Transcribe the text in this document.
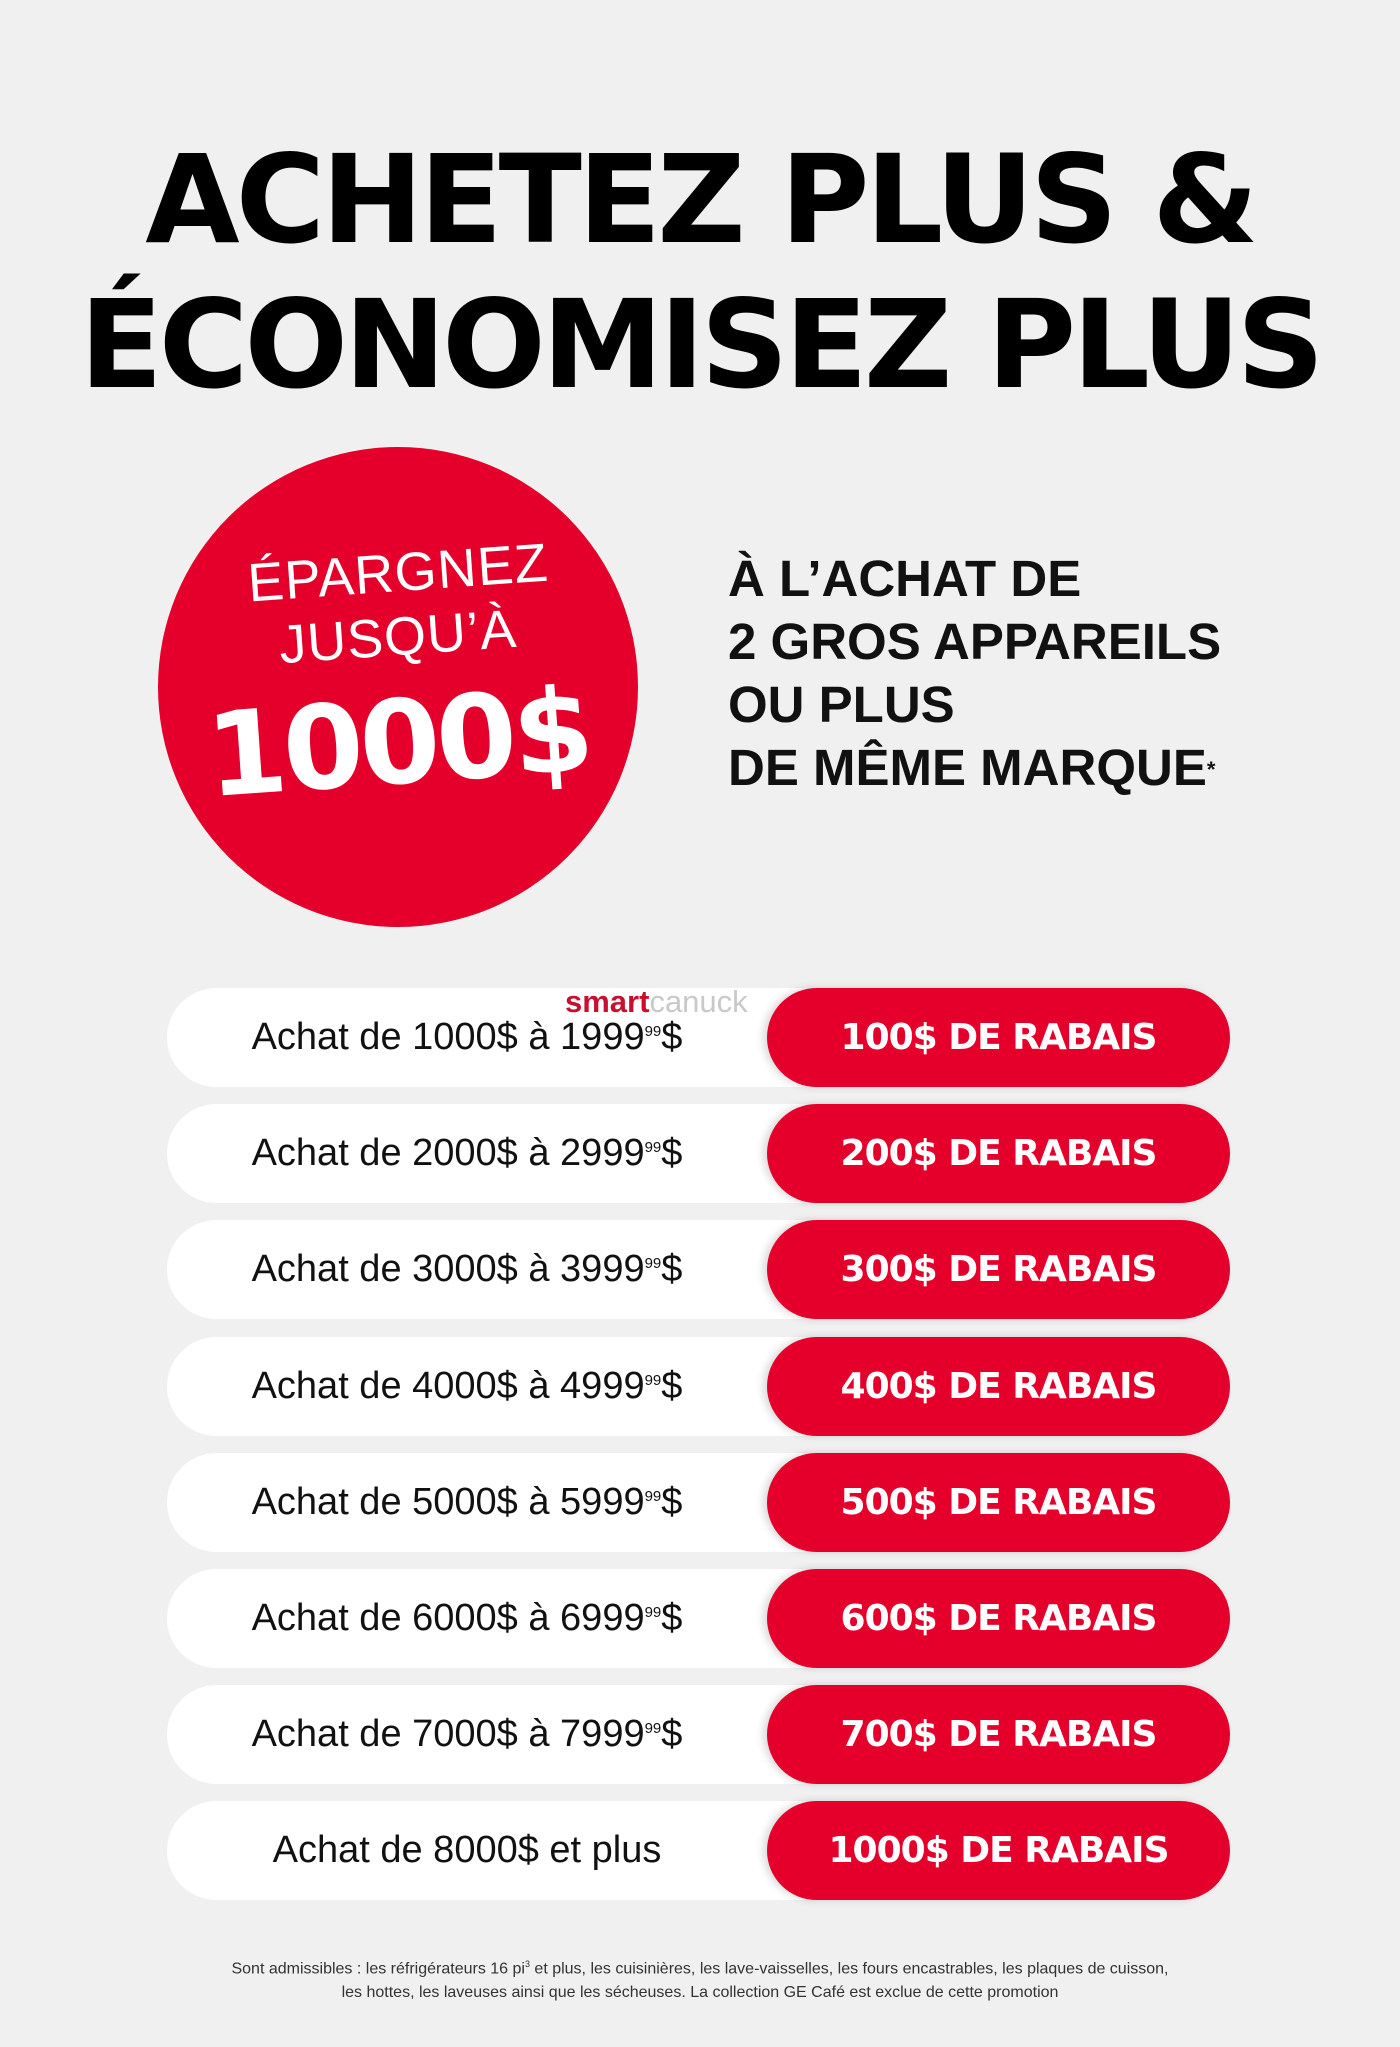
ACHETEZ PLUS &
ÉCONOMISEZ PLUS
ÉPARGNEZ
JUSQU’À
1000$
À L’ACHAT DE
2 GROS APPAREILS
OU PLUS
DE MÊME MARQUE*
Achat de 1000$ à 1999$^{99}$\$	100$ DE RABAIS
Achat de 2000$ à 2999$^{99}$\$	200$ DE RABAIS
Achat de 3000$ à 3999$^{99}$\$	300$ DE RABAIS
Achat de 4000$ à 4999$^{99}$\$	400$ DE RABAIS
Achat de 5000$ à 5999$^{99}$\$	500$ DE RABAIS
Achat de 6000$ à 6999$^{99}$\$	600$ DE RABAIS
Achat de 7000$ à 7999$^{99}$\$	700$ DE RABAIS
Achat de 8000$ et plus	1000$ DE RABAIS
smartcanuck
Sont admissibles : les réfrigérateurs 16 $pi^3$ et plus, les cuisinières, les lave-vaisselles, les fours encastrables, les plaques de cuisson,
les hottes, les laveuses ainsi que les sécheuses. La collection GE Café est exclue de cette promotion
